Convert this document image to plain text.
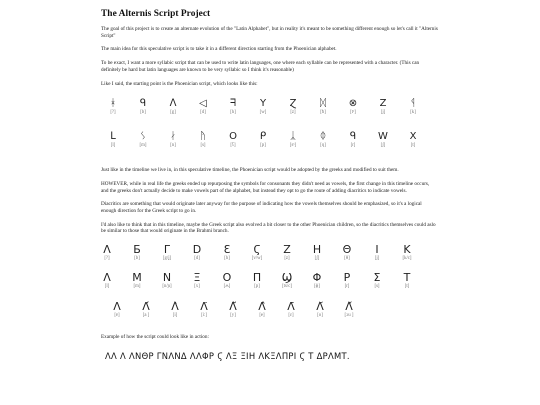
The Alternis Script Project

The goal of this project is to create an alternate evolution of the "Latin Alphabet", but in reality it's meant to be something different enough so let's call it "Alternis Script"

The main idea for this speculative script is to take it in a different direction starting from the Phoenician alphabet.

To be exact, I want a more syllabic script that can be used to write latin languages, one where each syllable can be represented with a character. (This can definitely be hard but latin languages are known to be very syllabic so I think it's reasonable)

Like I said, the starting point is the Phoenician script, which looks like this:

ᚼ
[?]
ᑫ
[b]
ᐱ
[g]
◁
[d]
ᖷ
[h]
Y
[w]
Ɀ
[z]
ᛞ
[ħ]
⊗
[tˤ]
Z
[j]
ᛩ
[k]
ᒪ
[l]
ᛊ
[m]
ᛅ
[n]
ᚤ
[s]
O
[ʕ]
ᑭ
[p]
ᛣ
[sˤ]
ᛰ
[q]
ᑫ
[r]
W
[ʃ]
X
[t]

Just like in the timeline we live in, in this speculative timeline, the Phoenician script would be adopted by the greeks and modified to suit them.

HOWEVER, while in real life the greeks ended up repurposing the symbols for consonants they didn't need as vowels, the first change in this timeline occurs, and the greeks don't actually decide to make vowels part of the alphabet, but instead they opt to go the route of adding diacritics to indicate vowels.

Diacritics are something that would originate later anyway for the purpose of indicating how the vowels themselves should be emphasized, so it's a logical enough direction for the Greek script to go in.

I'd also like to think that in this timeline, maybe the Greek script also evolved a bit closer to the other Phoenician children, so the diacritics themselves could aslo be similar to those that would originate in the Brahmi branch.

Λ
[?]
Б
[b]
Γ
[g/ʝ]
D
[d]
Ɛ
[h]
Ϛ
[v/w]
Z
[z]
H
[ʃ]
Θ
[θ]
I
[j]
K
[k/c]
Λ
[l]
M
[m]
N
[n/ɲ]
Ξ
[x]
O
[ʍ]
П
[p]
Ϣ
[ts/c]
Φ
[ɸ]
P
[r]
Σ
[s]
T
[t]
Λ
[ɐ]
Λ́
[a ]
Λ̀
[i]
Λ̈
[i:]
Λ̃
[y]
Λ̂
[e]
Λ̄
[ɛ]
Λ̆
[o]
Λ̌
[ɔu ]

Example of how the script could look like in action:

ΛΛ Λ ΛΝΘΡ ΓΝΛΝΔ ΛΛΦΡ Ϛ ΛΞ ΞΙΗ ΛΚΞΛΠΡΙ Ϛ Τ ΔΡΛΜΤ.
